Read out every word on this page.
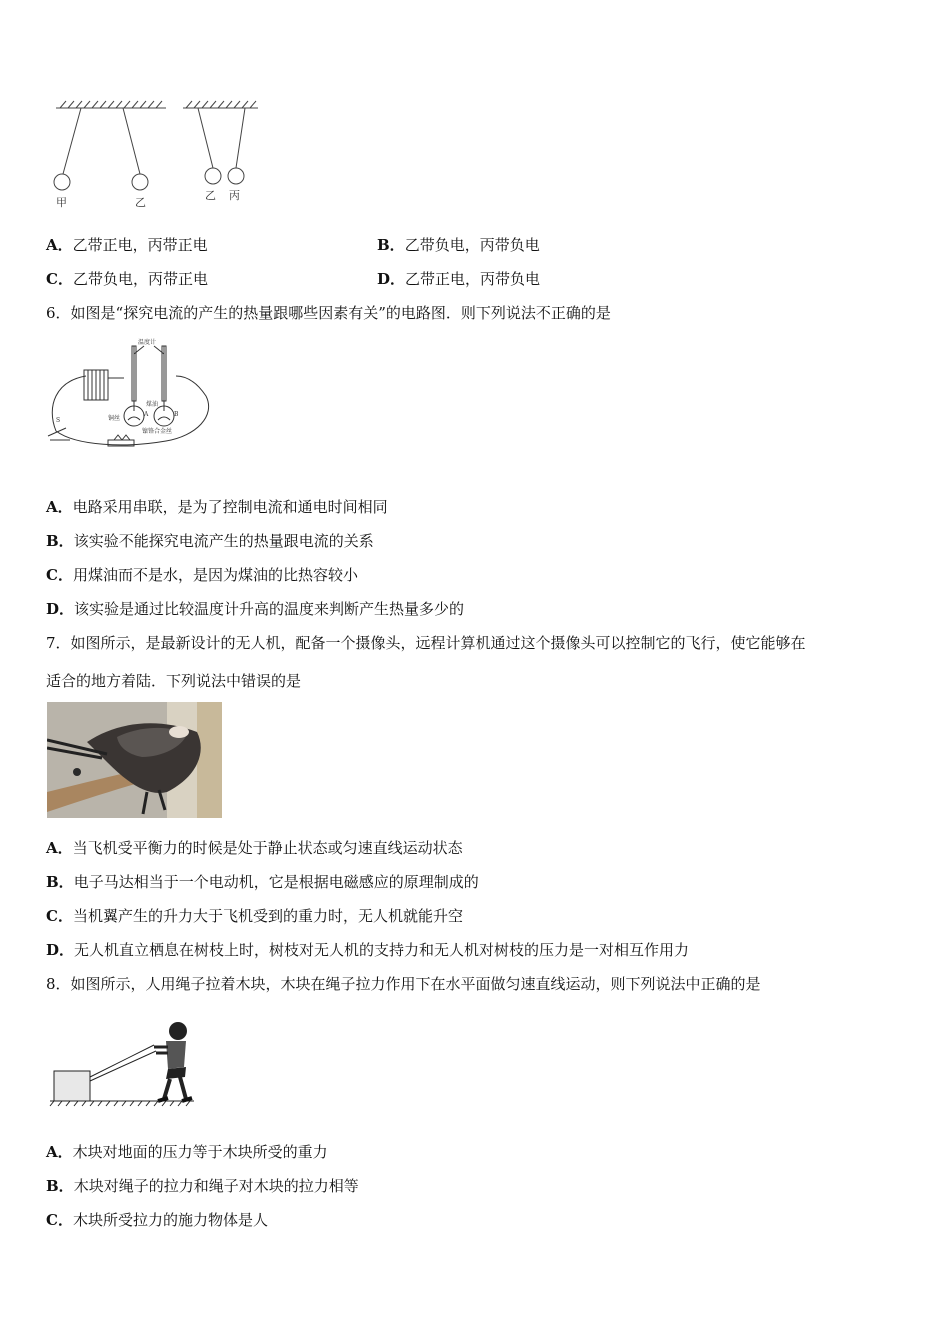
甲	乙
乙 丙
A．乙带正电，丙带正电	B．乙带负电，丙带负电
C．乙带负电，丙带正电	D．乙带正电，丙带负电
6．如图是“探究电流的产生的热量跟哪些因素有关”的电路图．则下列说法不正确的是
温度计
铜丝
煤油
镍铬合金丝
A	B
S
A．电路采用串联，是为了控制电流和通电时间相同
B．该实验不能探究电流产生的热量跟电流的关系
C．用煤油而不是水，是因为煤油的比热容较小
D．该实验是通过比较温度计升高的温度来判断产生热量多少的
7．如图所示，是最新设计的无人机，配备一个摄像头，远程计算机通过这个摄像头可以控制它的飞行，使它能够在
适合的地方着陆．下列说法中错误的是
A．当飞机受平衡力的时候是处于静止状态或匀速直线运动状态
B．电子马达相当于一个电动机，它是根据电磁感应的原理制成的
C．当机翼产生的升力大于飞机受到的重力时，无人机就能升空
D．无人机直立栖息在树枝上时，树枝对无人机的支持力和无人机对树枝的压力是一对相互作用力
8．如图所示，人用绳子拉着木块，木块在绳子拉力作用下在水平面做匀速直线运动，则下列说法中正确的是
A．木块对地面的压力等于木块所受的重力
B．木块对绳子的拉力和绳子对木块的拉力相等
C．木块所受拉力的施力物体是人
